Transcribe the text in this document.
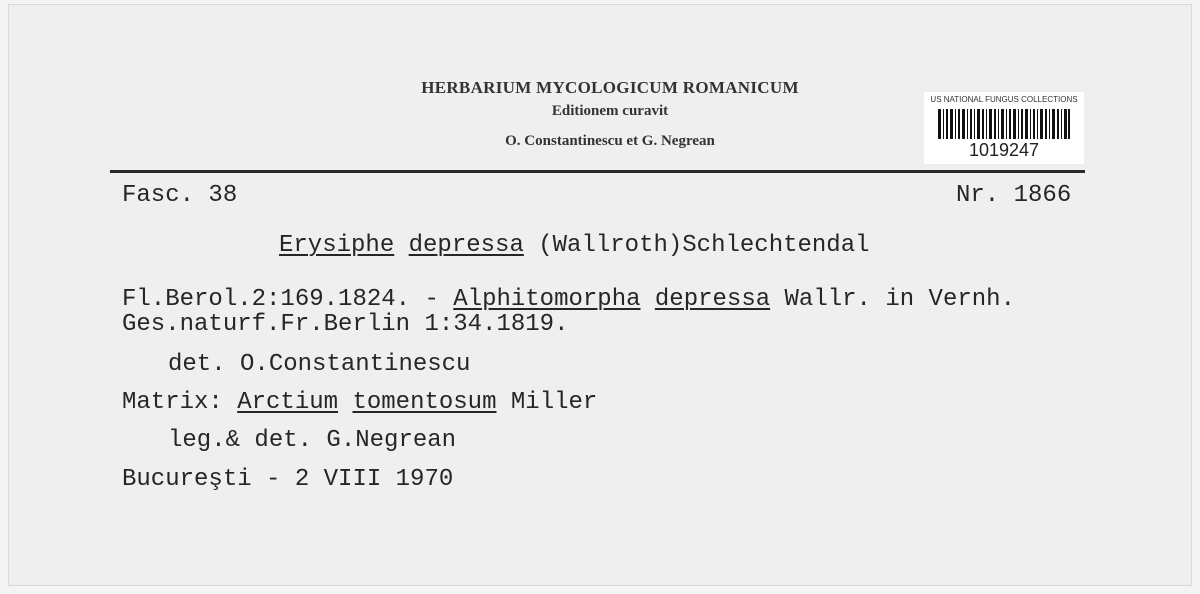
HERBARIUM MYCOLOGICUM ROMANICUM
Editionem curavit
O. Constantinescu et G. Negrean
US NATIONAL FUNGUS COLLECTIONS
1019247
Fasc. 38	Nr. 1866
Erysiphe depressa (Wallroth)Schlechtendal
Fl.Berol.2:169.1824. - Alphitomorpha depressa Wallr. in Vernh.
Ges.naturf.Fr.Berlin 1:34.1819.
det. O.Constantinescu
Matrix: Arctium tomentosum Miller
leg.& det. G.Negrean
Bucureşti - 2 VIII 1970
